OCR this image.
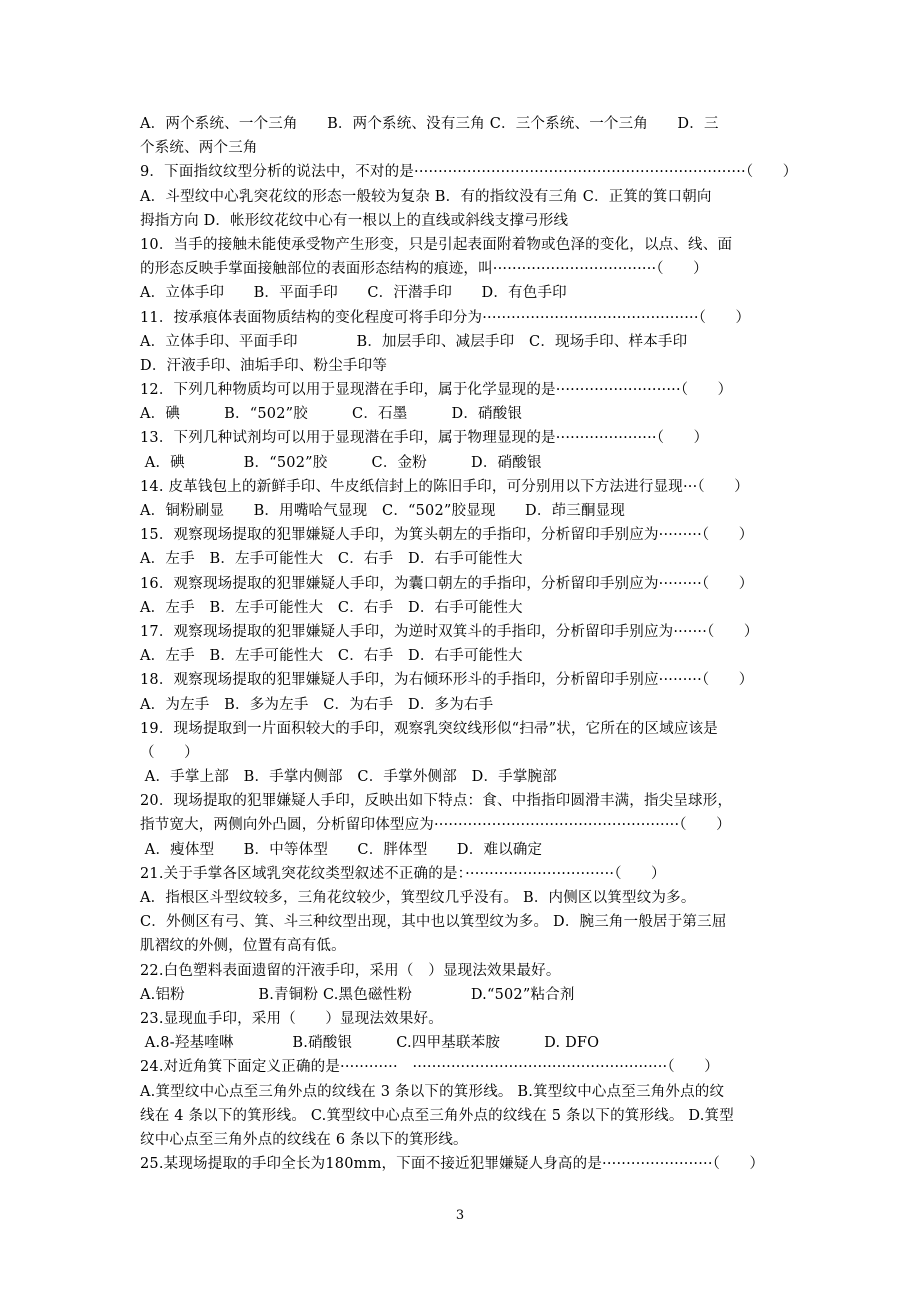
A．两个系统、一个三角　　B．两个系统、没有三角 C．三个系统、一个三角　　D．三
个系统、两个三角
9．下面指纹纹型分析的说法中，不对的是·····································································（　　）
A．斗型纹中心乳突花纹的形态一般较为复杂 B．有的指纹没有三角 C．正箕的箕口朝向
拇指方向 D．帐形纹花纹中心有一根以上的直线或斜线支撑弓形线
10．当手的接触未能使承受物产生形变，只是引起表面附着物或色泽的变化，以点、线、面
的形态反映手掌面接触部位的表面形态结构的痕迹，叫··································（　　）
A．立体手印　　B．平面手印　　C．汗潜手印　　D．有色手印
11．按承痕体表面物质结构的变化程度可将手印分为·············································（　　）
A．立体手印、平面手印　　　　B．加层手印、减层手印　C．现场手印、样本手印
D．汗液手印、油垢手印、粉尘手印等
12．下列几种物质均可以用于显现潜在手印，属于化学显现的是··························（　　）
A．碘　　　B．“502”胶　　　C．石墨　　　D．硝酸银
13．下列几种试剂均可以用于显现潜在手印，属于物理显现的是·····················（　　）
A．碘　　　　B．“502”胶　　　C．金粉　　　D．硝酸银
14. 皮革钱包上的新鲜手印、牛皮纸信封上的陈旧手印，可分别用以下方法进行显现···（　　）
A．铜粉刷显　　B．用嘴哈气显现　C．“502”胶显现　　D．茚三酮显现
15．观察现场提取的犯罪嫌疑人手印，为箕头朝左的手指印，分析留印手别应为·········（　　）
A．左手　B．左手可能性大　C．右手　D．右手可能性大
16．观察现场提取的犯罪嫌疑人手印，为囊口朝左的手指印，分析留印手别应为·········（　　）
A．左手　B．左手可能性大　C．右手　D．右手可能性大
17．观察现场提取的犯罪嫌疑人手印，为逆时双箕斗的手指印，分析留印手别应为·······（　　）
A．左手　B．左手可能性大　C．右手　D．右手可能性大
18．观察现场提取的犯罪嫌疑人手印，为右倾环形斗的手指印，分析留印手别应·········（　　）
A．为左手　B．多为左手　C．为右手　D．多为右手
19．现场提取到一片面积较大的手印，观察乳突纹线形似“扫帚”状，它所在的区域应该是
（　　）
A．手掌上部　B．手掌内侧部　C．手掌外侧部　D．手掌腕部
20．现场提取的犯罪嫌疑人手印，反映出如下特点：食、中指指印圆滑丰满，指尖呈球形，
指节宽大，两侧向外凸圆，分析留印体型应为···················································（　　）
A．瘦体型　　B．中等体型　　C．胖体型　　D．难以确定
21.关于手掌各区域乳突花纹类型叙述不正确的是：·······························（　　）
A．指根区斗型纹较多，三角花纹较少，箕型纹几乎没有。 B．内侧区以箕型纹为多。
C．外侧区有弓、箕、斗三种纹型出现，其中也以箕型纹为多。 D．腕三角一般居于第三屈
肌褶纹的外侧，位置有高有低。
22.白色塑料表面遗留的汗液手印，采用（　）显现法效果最好。
A.铝粉　　　　　B.青铜粉 C.黑色磁性粉　　　　D.“502”粘合剂
23.显现血手印，采用（　　）显现法效果好。
A.8-羟基喹啉　　　　B.硝酸银　　　C.四甲基联苯胺　　　D. DFO
24.对近角箕下面定义正确的是············　·····················································（　　）
A.箕型纹中心点至三角外点的纹线在 3 条以下的箕形线。 B.箕型纹中心点至三角外点的纹
线在 4 条以下的箕形线。 C.箕型纹中心点至三角外点的纹线在 5 条以下的箕形线。 D.箕型
纹中心点至三角外点的纹线在 6 条以下的箕形线。
25.某现场提取的手印全长为180mm，下面不接近犯罪嫌疑人身高的是·······················（　　）
3
